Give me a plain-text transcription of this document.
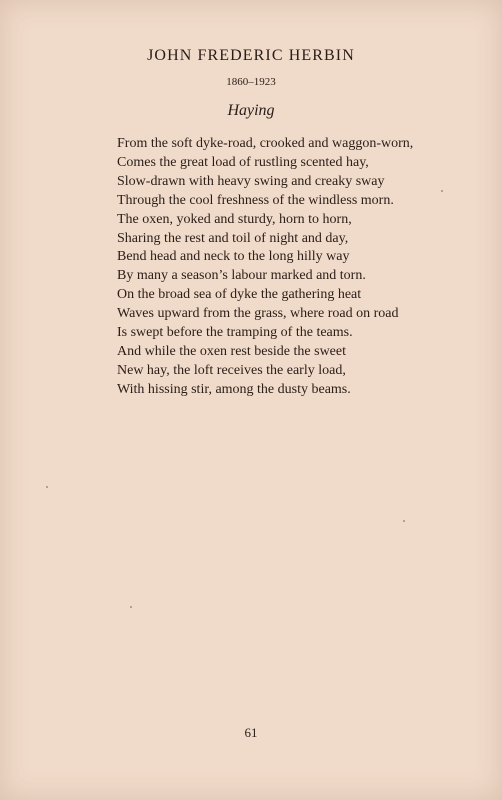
JOHN FREDERIC HERBIN
1860–1923
Haying
From the soft dyke-road, crooked and waggon-worn,
Comes the great load of rustling scented hay,
Slow-drawn with heavy swing and creaky sway
Through the cool freshness of the windless morn.
The oxen, yoked and sturdy, horn to horn,
Sharing the rest and toil of night and day,
Bend head and neck to the long hilly way
By many a season’s labour marked and torn.
On the broad sea of dyke the gathering heat
Waves upward from the grass, where road on road
Is swept before the tramping of the teams.
And while the oxen rest beside the sweet
New hay, the loft receives the early load,
With hissing stir, among the dusty beams.
61
